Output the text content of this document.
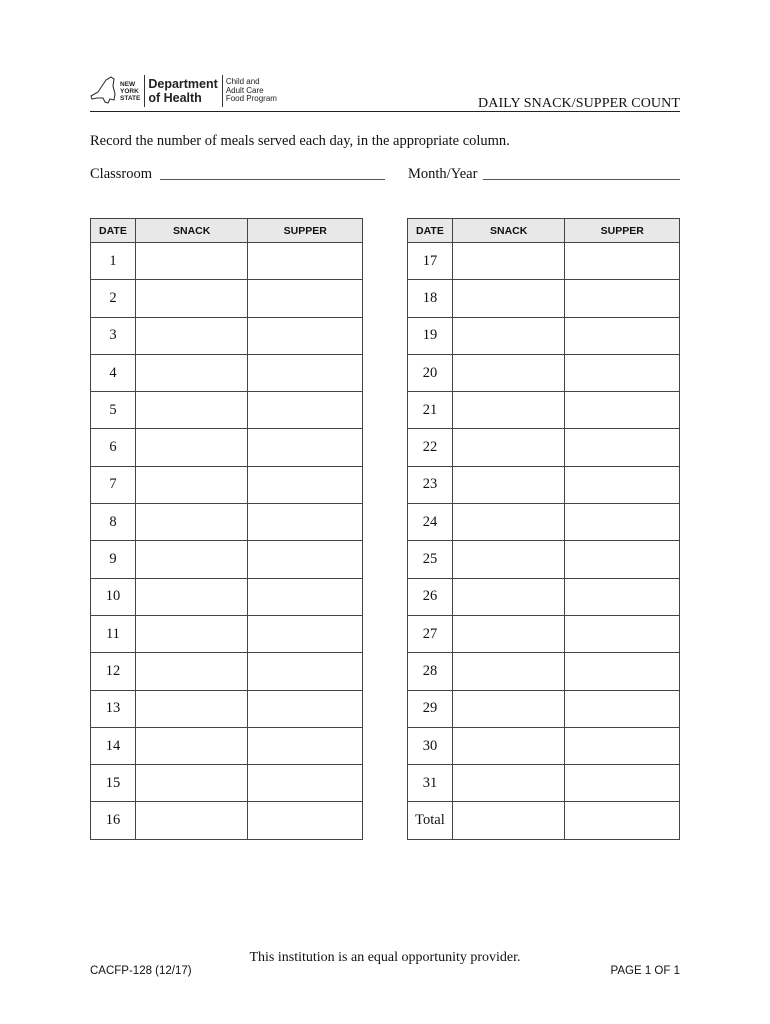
NEW
YORK
STATE
Department
of Health
Child and
Adult Care
Food Program	DAILY SNACK/SUPPER COUNT
Record the number of meals served each day, in the appropriate column.
Classroom	Month/Year
DATE	SNACK	SUPPER
1		
2		
3		
4		
5		
6		
7		
8		
9		
10		
11		
12		
13		
14		
15		
16		
DATE	SNACK	SUPPER
17		
18		
19		
20		
21		
22		
23		
24		
25		
26		
27		
28		
29		
30		
31		
Total		
This institution is an equal opportunity provider.
CACFP-128 (12/17)	PAGE 1 OF 1
